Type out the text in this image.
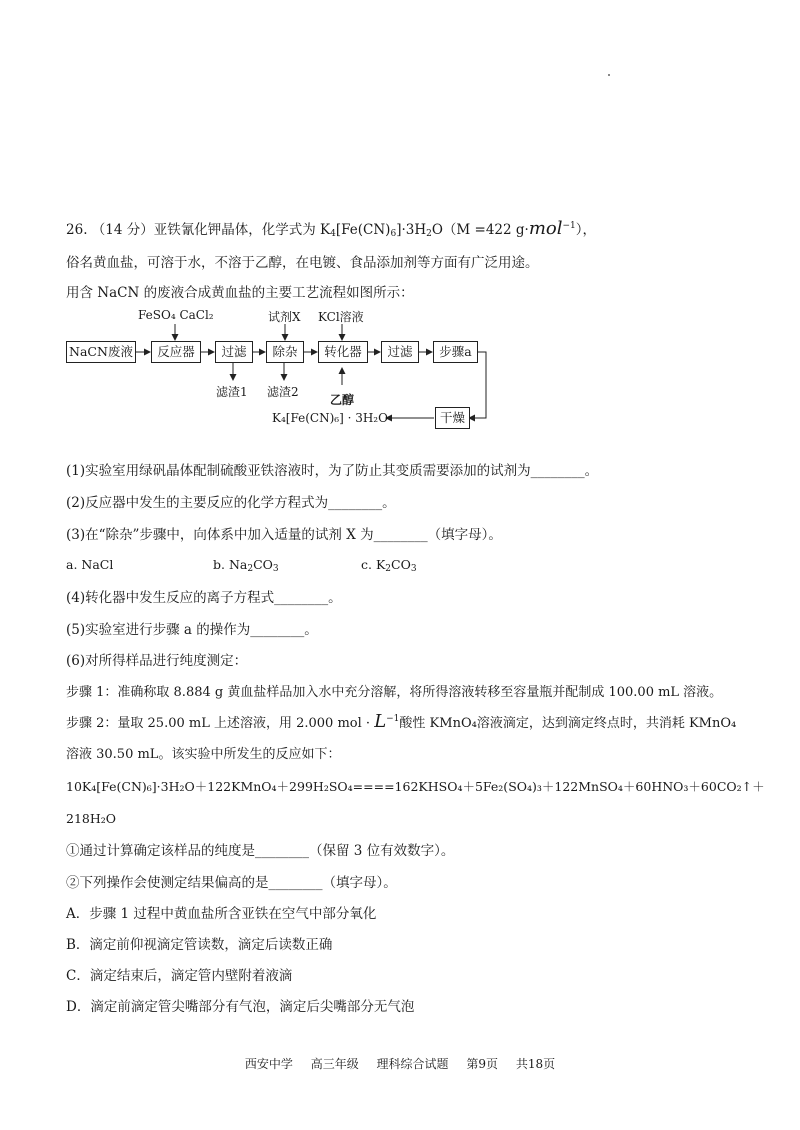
26. （14 分）亚铁氰化钾晶体，化学式为 $K_4[Fe(CN)_6]\cdot 3H_2O(M =422$ g·mol$^{-1}$），
俗名黄血盐，可溶于水，不溶于乙醇，在电镀、食品添加剂等方面有广泛用途。
用含 NaCN 的废液合成黄血盐的主要工艺流程如图所示：
NaCN废液	反应器	过滤	除杂	转化器	过滤	步骤a
干燥
FeSO₄ CaCl₂	试剂X KCl溶液
滤渣1 滤渣2
乙醇
K₄[Fe(CN)₆] · 3H₂O
(1)实验室用绿矾晶体配制硫酸亚铁溶液时，为了防止其变质需要添加的试剂为________。
(2)反应器中发生的主要反应的化学方程式为________。
(3)在“除杂”步骤中，向体系中加入适量的试剂 X 为________（填字母）。
a. NaCl	b. $Na_2CO_3$	c. $K_2CO_3$
(4)转化器中发生反应的离子方程式________。
(5)实验室进行步骤 a 的操作为________。
(6)对所得样品进行纯度测定：
步骤 1：准确称取 8.884 g 黄血盐样品加入水中充分溶解，将所得溶液转移至容量瓶并配制成 100.00 mL 溶液。
步骤 2：量取 25.00 mL 上述溶液，用 2.000 mol · $L^{-1}$酸性 KMnO₄溶液滴定，达到滴定终点时，共消耗 KMnO₄
溶液 30.50 mL。该实验中所发生的反应如下：
10K₄[Fe(CN)₆]·3H₂O＋122KMnO₄＋299H₂SO₄====162KHSO₄＋5Fe₂(SO₄)₃＋122MnSO₄＋60HNO₃＋60CO₂↑＋
218H₂O
①通过计算确定该样品的纯度是________（保留 3 位有效数字）。
②下列操作会使测定结果偏高的是________（填字母）。
A．步骤 1 过程中黄血盐所含亚铁在空气中部分氧化
B．滴定前仰视滴定管读数，滴定后读数正确
C．滴定结束后，滴定管内壁附着液滴
D．滴定前滴定管尖嘴部分有气泡，滴定后尖嘴部分无气泡
西安中学 高三年级 理科综合试题 第9页 共18页
